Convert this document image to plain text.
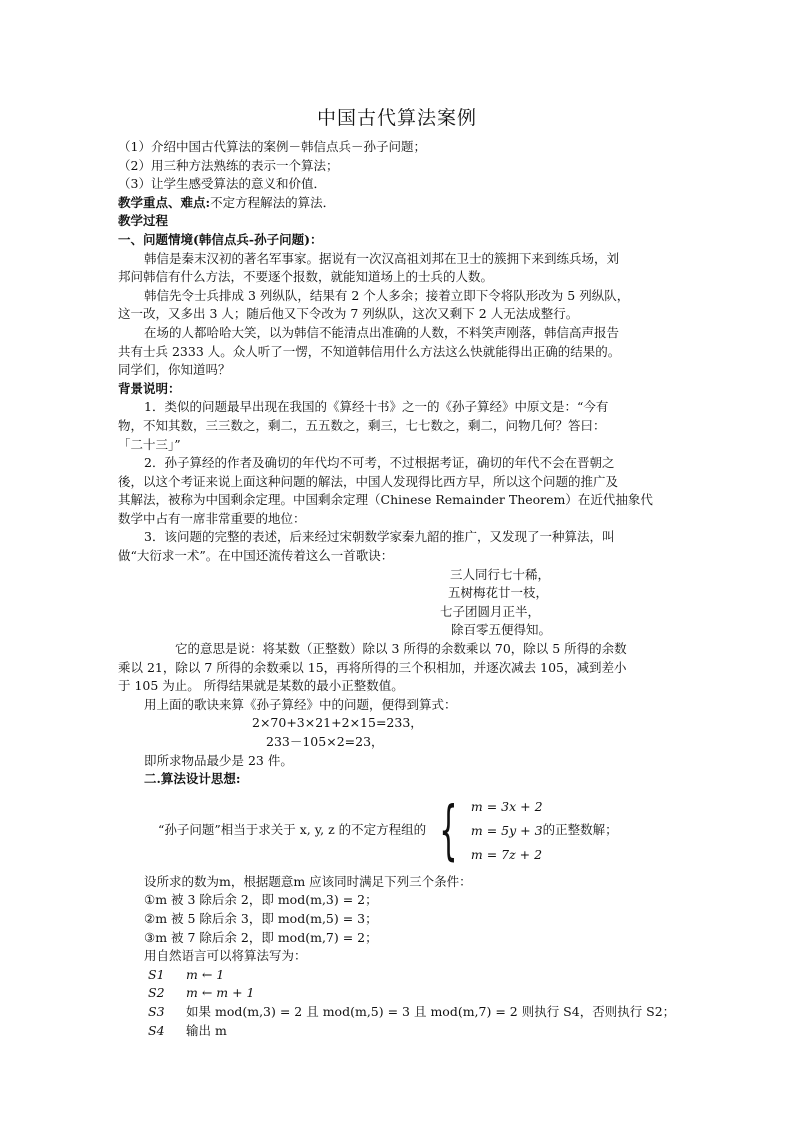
中国古代算法案例
（1）介绍中国古代算法的案例－韩信点兵－孙子问题；
（2）用三种方法熟练的表示一个算法；
（3）让学生感受算法的意义和价值．
教学重点、难点:不定方程解法的算法．
教学过程
一、问题情境(韩信点兵-孙子问题)：
韩信是秦末汉初的著名军事家。据说有一次汉高祖刘邦在卫士的簇拥下来到练兵场，刘
邦问韩信有什么方法，不要逐个报数，就能知道场上的士兵的人数。
韩信先令士兵排成 3 列纵队，结果有 2 个人多余；接着立即下令将队形改为 5 列纵队，
这一改，又多出 3 人；随后他又下令改为 7 列纵队，这次又剩下 2 人无法成整行。
在场的人都哈哈大笑，以为韩信不能清点出准确的人数，不料笑声刚落，韩信高声报告
共有士兵 2333 人。众人听了一愣，不知道韩信用什么方法这么快就能得出正确的结果的。
同学们，你知道吗？
背景说明：
1．类似的问题最早出现在我国的《算经十书》之一的《孙子算经》中原文是：“今有
物，不知其数，三三数之，剩二，五五数之，剩三，七七数之，剩二，问物几何？答曰：
「二十三」”
2．孙子算经的作者及确切的年代均不可考，不过根据考证，确切的年代不会在晋朝之
後，以这个考证来说上面这种问题的解法，中国人发现得比西方早，所以这个问题的推广及
其解法，被称为中国剩余定理。中国剩余定理（Chinese Remainder Theorem）在近代抽象代
数学中占有一席非常重要的地位：
3．该问题的完整的表述，后来经过宋朝数学家秦九韶的推广，又发现了一种算法，叫
做“大衍求一术”。在中国还流传着这么一首歌诀：
三人同行七十稀，
五树梅花廿一枝，
七子团圆月正半，
除百零五便得知。
它的意思是说：将某数（正整数）除以 3 所得的余数乘以 70，除以 5 所得的余数
乘以 21，除以 7 所得的余数乘以 15，再将所得的三个积相加，并逐次减去 105，减到差小
于 105 为止。 所得结果就是某数的最小正整数值。
用上面的歌诀来算《孙子算经》中的问题，便得到算式：
2×70+3×21+2×15=233，
233－105×2=23，
即所求物品最少是 23 件。
二.算法设计思想:
“孙子问题”相当于求关于 x, y, z 的不定方程组的 { m = 3x + 2
m = 5y + 3
m = 7z + 2
的正整数解；
设所求的数为m，根据题意m 应该同时满足下列三个条件：
①m 被 3 除后余 2，即 mod(m,3) = 2；
②m 被 5 除后余 3，即 mod(m,5) = 3；
③m 被 7 除后余 2，即 mod(m,7) = 2；
用自然语言可以将算法写为：
S1	m ← 1
S2	m ← m + 1
S3	如果 mod(m,3) = 2 且 mod(m,5) = 3 且 mod(m,7) = 2 则执行 S4，否则执行 S2；
S4	输出 m
